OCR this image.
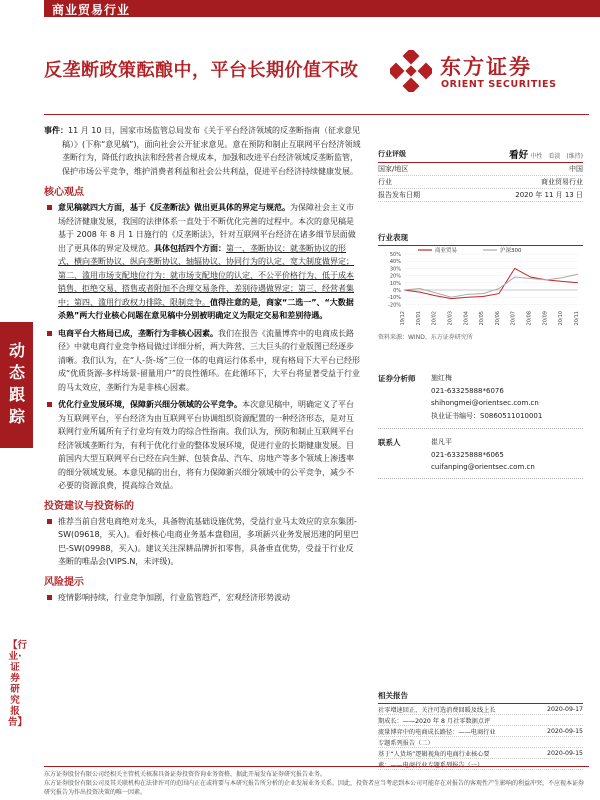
商业贸易行业
反垄断政策酝酿中，平台长期价值不改	东方证券
ORIENT SECURITIES
动态跟踪
【行业·证券研究报告】

事件：11 月 10 日，国家市场监管总局发布《关于平台经济领域的反垄断指南（征求意见稿）》(下称“意见稿”)，面向社会公开征求意见。意在预防和制止互联网平台经济领域垄断行为，降低行政执法和经营者合规成本，加强和改进平台经济领域反垄断监管，保护市场公平竞争，维护消费者利益和社会公共利益，促进平台经济持续健康发展。

核心观点
意见稿就四大方面，基于《反垄断法》做出更具体的界定与规范。为保障社会主义市场经济健康发展，我国的法律体系一直处于不断优化完善的过程中。本次的意见稿是基于 2008 年 8 月 1 日施行的《反垄断法》，针对互联网平台经济在诸多细节层面做出了更具体的界定及规范。具体包括四个方面：第一、垄断协议：就垄断协议的形式、横向垄断协议、纵向垄断协议、轴辐协议、协同行为的认定、宽大制度做界定；第二、滥用市场支配地位行为：就市场支配地位的认定、不公平价格行为、低于成本销售、拒绝交易、搭售或者附加不合理交易条件、差别待遇做界定；第三、经营者集中；第四、滥用行政权力排除、限制竞争。值得注意的是，商家“二选一”、“大数据杀熟”两大行业核心问题在意见稿中分别被明确定义为限定交易和差别待遇。
电商平台大格局已成，垄断行为非核心因素。我们在报告《流量博弈中的电商成长路径》中就电商行业竞争格局做过详细分析，两大阵营、三大巨头的行业版图已经逐步清晰。我们认为，在“人-货-场”三位一体的电商运行体系中，现有格局下大平台已经形成“优质货源-多样场景-留量用户”的良性循环。在此循环下，大平台将显著受益于行业的马太效应，垄断行为是非核心因素。
优化行业发展环境，保障新兴细分领域的公平竞争。本次意见稿中，明确定义了平台为互联网平台，平台经济为由互联网平台协调组织资源配置的一种经济形态，是对互联网行业所属所有子行业均有效力的综合性指南。我们认为，预防和制止互联网平台经济领域垄断行为，有利于优化行业的整体发展环境，促进行业的长期健康发展。目前国内大型互联网平台已经在向生鲜、包装食品、汽车、房地产等多个领域上渗透率的细分领域发展。本意见稿的出台，将有力保障新兴细分领域中的公平竞争，减少不必要的资源浪费，提高综合效益。
投资建议与投资标的
推荐当前自营电商绝对龙头，具备物流基础设施优势，受益行业马太效应的京东集团-SW(09618，买入)。看好核心电商业务基本盘稳固，多项新兴业务发展迅速的阿里巴巴-SW(09988，买入)。建议关注深耕品牌折扣零售，具备垂直优势，受益于行业反垄断的唯品会(VIPS.N，未评级)。
风险提示
疫情影响持续，行业竞争加剧，行业监管趋严，宏观经济形势波动
行业评级	看好 中性　看淡　(维持)
国家/地区	中国
行业	商业贸易行业
报告发布日期	2020 年 11 月 13 日
行业表现
50%
40%
30%
20%
10%
0%
-10%
-20%
19/12 20/01 20/02 20/03 20/04 20/05 20/06 20/07 20/08 20/09 20/10 20/11
商业贸易	沪深300
资料来源：WIND、东方证券研究所
证券分析师	施红梅
021-63325888*6076
shihongmei@orientsec.com.cn
执业证书编号：S0860511010001
联系人	崔凡平
021-63325888*6065
cuifanping@orientsec.com.cn
相关报告
社零增速回正，关注可选消费回暖及线上长	2020-09-17
期成长：——2020 年 8 月社零数据点评
流量博弈中的电商成长路径：——电商行业	2020-09-15
专题系列报告（二）
基于“人货场”逻辑视角的电商行业核心要	2020-09-15
素：——电商行业专题系列报告（一）
东方证券股份有限公司经相关主管机关核准具备证券投资咨询业务资格，据此开展发布证券研究报告业务。
东方证券股份有限公司及其关联机构在法律许可的范围内正在或将要与本研究报告所分析的企业发展业务关系。因此，投资者应当考虑到本公司可能存在对报告的客观性产生影响的利益冲突，不应视本证券研究报告为作出投资决策的唯一因素。
